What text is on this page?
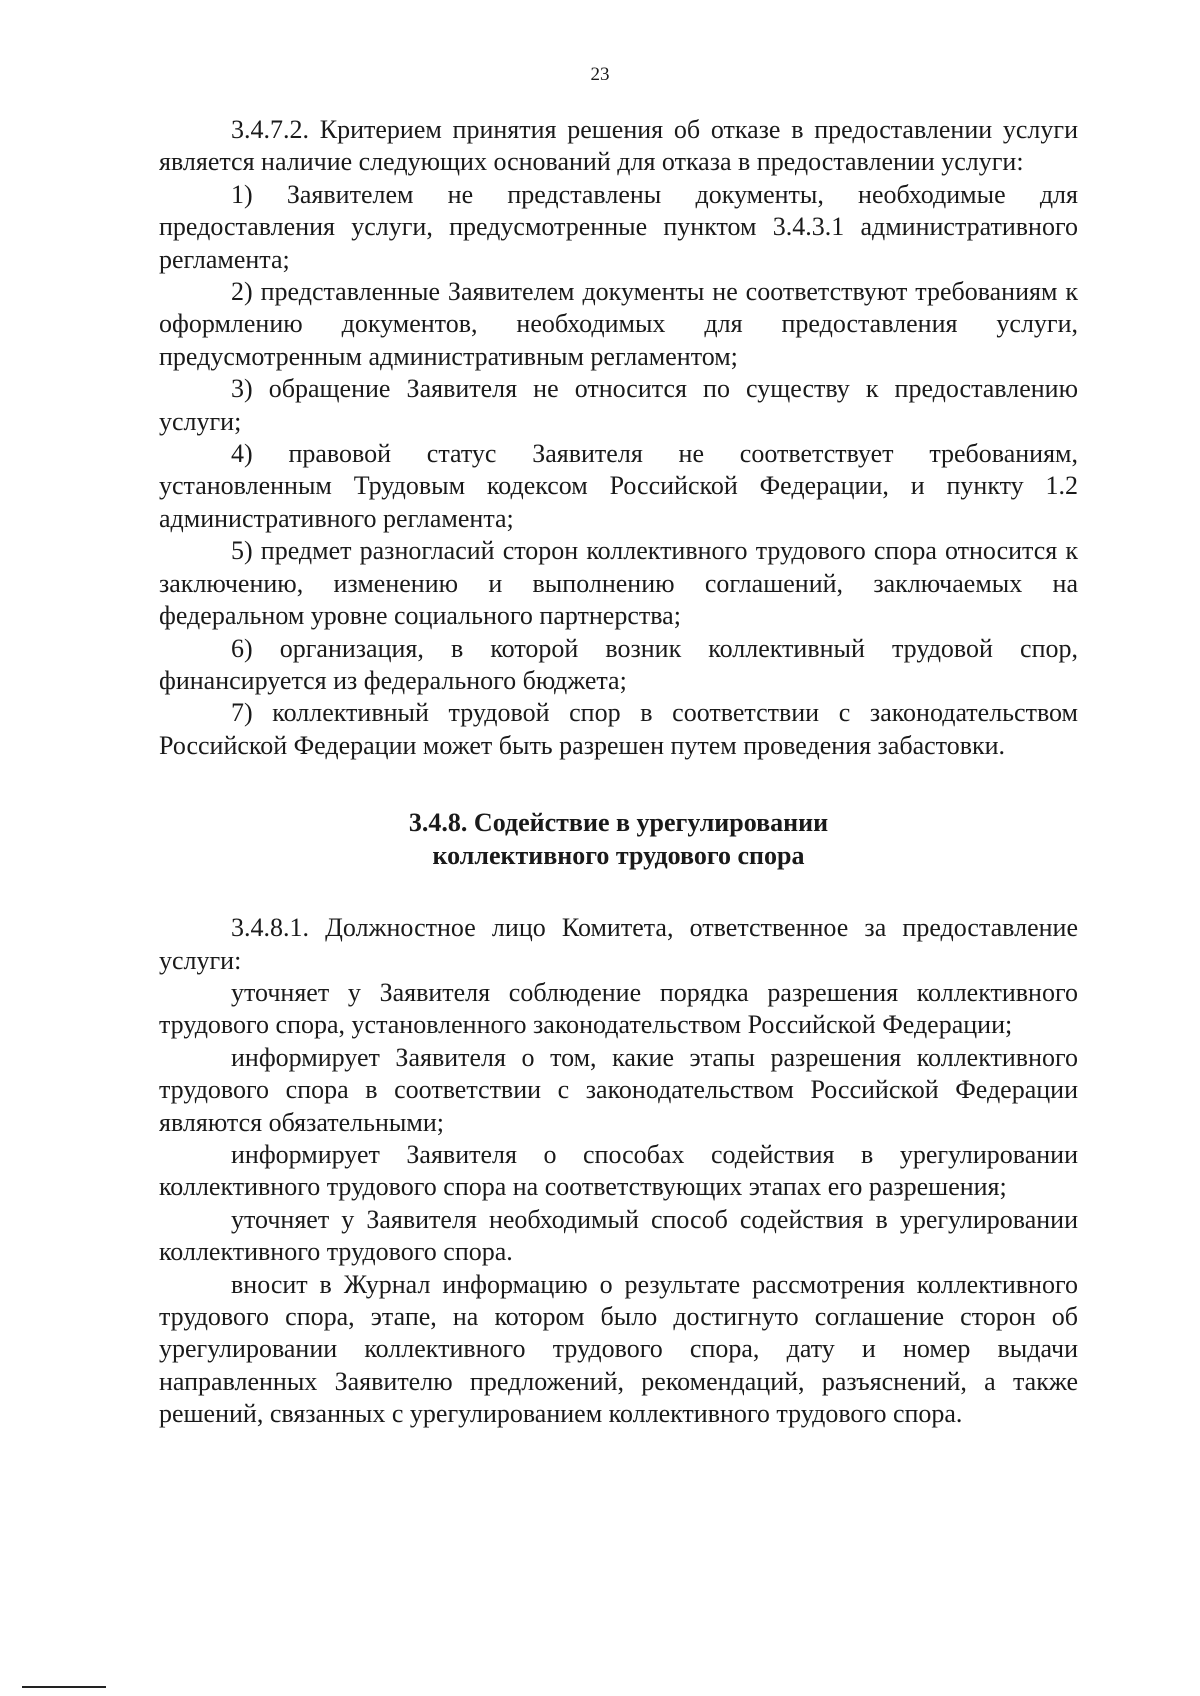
23

3.4.7.2. Критерием принятия решения об отказе в предоставлении услуги является наличие следующих оснований для отказа в предоставлении услуги:

1) Заявителем не представлены документы, необходимые для предоставления услуги, предусмотренные пунктом 3.4.3.1 административного регламента;

2) представленные Заявителем документы не соответствуют требованиям к оформлению документов, необходимых для предоставления услуги, предусмотренным административным регламентом;

3) обращение Заявителя не относится по существу к предоставлению услуги;

4) правовой статус Заявителя не соответствует требованиям, установленным Трудовым кодексом Российской Федерации, и пункту 1.2 административного регламента;

5) предмет разногласий сторон коллективного трудового спора относится к заключению, изменению и выполнению соглашений, заключаемых на федеральном уровне социального партнерства;

6) организация, в которой возник коллективный трудовой спор, финансируется из федерального бюджета;

7) коллективный трудовой спор в соответствии с законодательством Российской Федерации может быть разрешен путем проведения забастовки.

3.4.8. Содействие в урегулировании
коллективного трудового спора

3.4.8.1. Должностное лицо Комитета, ответственное за предоставление услуги:

уточняет у Заявителя соблюдение порядка разрешения коллективного трудового спора, установленного законодательством Российской Федерации;

информирует Заявителя о том, какие этапы разрешения коллективного трудового спора в соответствии с законодательством Российской Федерации являются обязательными;

информирует Заявителя о способах содействия в урегулировании коллективного трудового спора на соответствующих этапах его разрешения;

уточняет у Заявителя необходимый способ содействия в урегулировании коллективного трудового спора.

вносит в Журнал информацию о результате рассмотрения коллективного трудового спора, этапе, на котором было достигнуто соглашение сторон об урегулировании коллективного трудового спора, дату и номер выдачи направленных Заявителю предложений, рекомендаций, разъяснений, а также решений, связанных с урегулированием коллективного трудового спора.
